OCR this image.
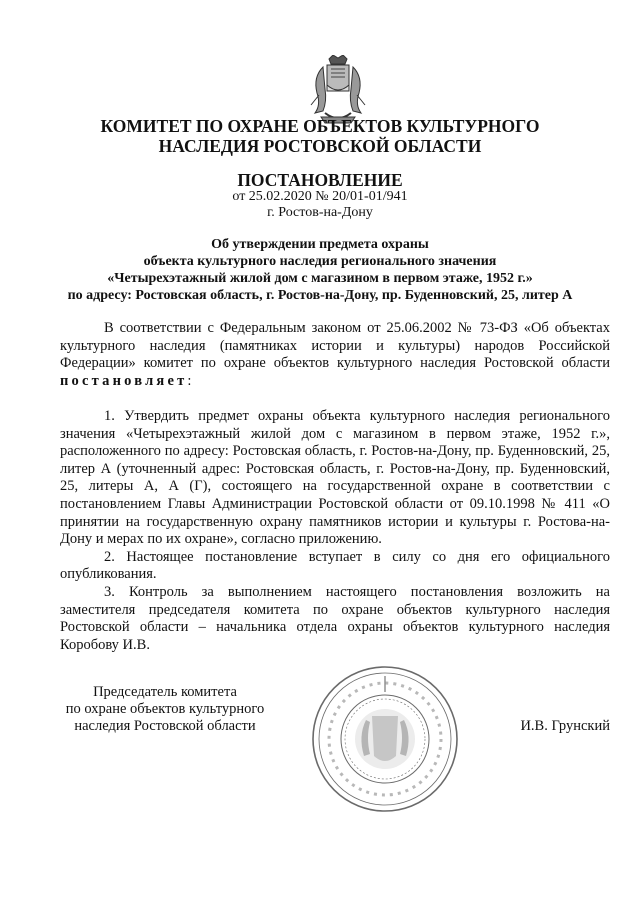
КОМИТЕТ ПО ОХРАНЕ ОБЪЕКТОВ КУЛЬТУРНОГО
НАСЛЕДИЯ РОСТОВСКОЙ ОБЛАСТИ
ПОСТАНОВЛЕНИЕ
от 25.02.2020 № 20/01-01/941
г. Ростов-на-Дону
Об утверждении предмета охраны
объекта культурного наследия регионального значения
«Четырехэтажный жилой дом с магазином в первом этаже, 1952 г.»
по адресу: Ростовская область, г. Ростов-на-Дону, пр. Буденновский, 25, литер А

В соответствии с Федеральным законом от 25.06.2002 № 73-ФЗ «Об объектах культурного наследия (памятниках истории и культуры) народов Российской Федерации» комитет по охране объектов культурного наследия Ростовской области постановляет:

1. Утвердить предмет охраны объекта культурного наследия регионального значения «Четырехэтажный жилой дом с магазином в первом этаже, 1952 г.», расположенного по адресу: Ростовская область, г. Ростов-на-Дону, пр. Буденновский, 25, литер А (уточненный адрес: Ростовская область, г. Ростов-на-Дону, пр. Буденновский, 25, литеры А, А (Г), состоящего на государственной охране в соответствии с постановлением Главы Администрации Ростовской области от 09.10.1998 № 411 «О принятии на государственную охрану памятников истории и культуры г. Ростова-на-Дону и мерах по их охране», согласно приложению.

2. Настоящее постановление вступает в силу со дня его официального опубликования.

3. Контроль за выполнением настоящего постановления возложить на заместителя председателя комитета по охране объектов культурного наследия Ростовской области – начальника отдела охраны объектов культурного наследия Коробову И.В.

Председатель комитета
по охране объектов культурного
наследия Ростовской области	И.В. Грунский
